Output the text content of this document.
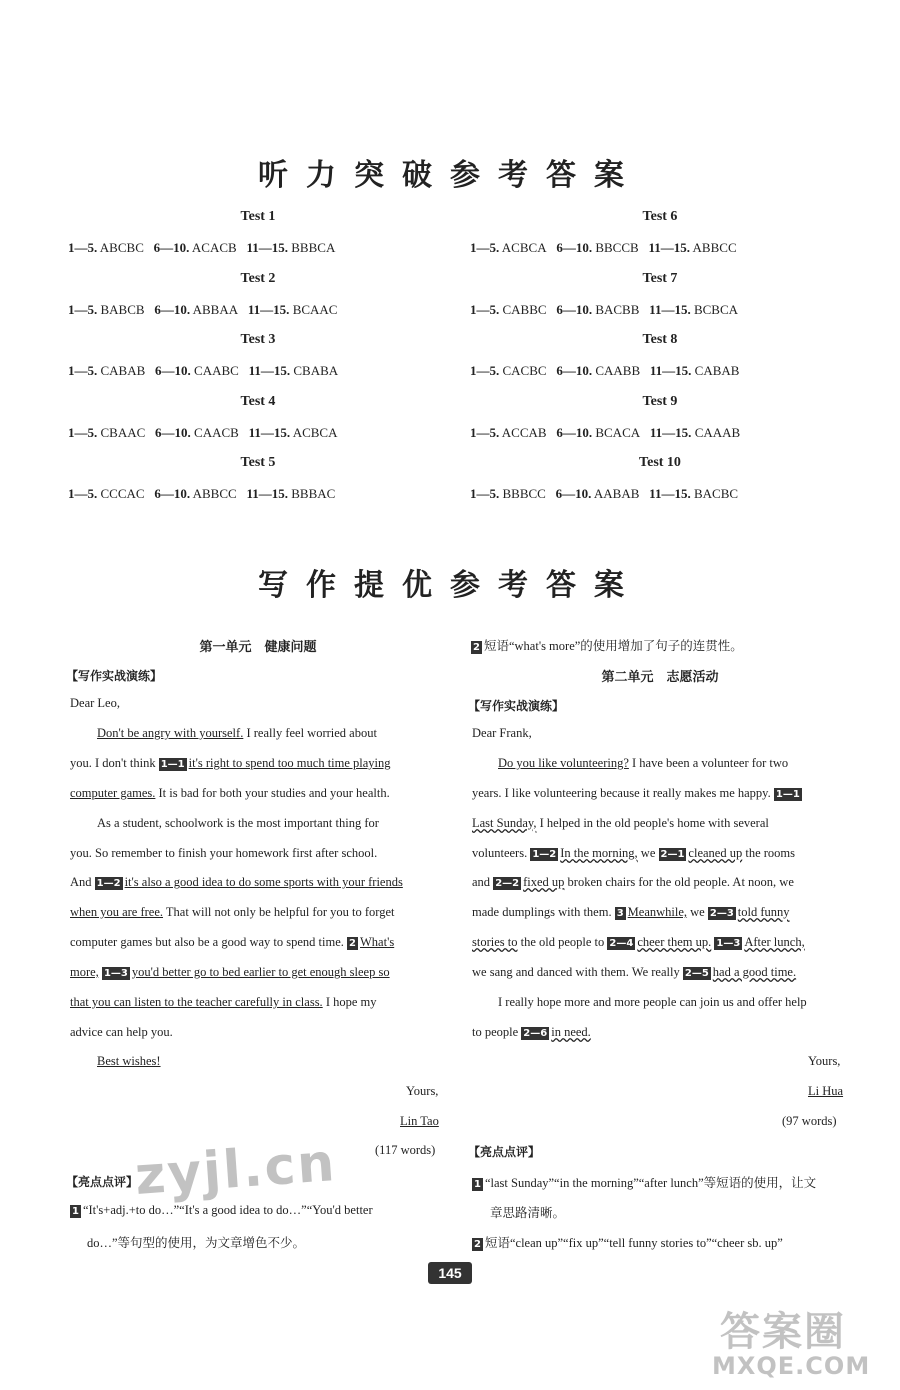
听力突破参考答案
Test 1
1—5. ABCBC 6—10. ACACB 11—15. BBBCA
Test 2
1—5. BABCB 6—10. ABBAA 11—15. BCAAC
Test 3
1—5. CABAB 6—10. CAABC 11—15. CBABA
Test 4
1—5. CBAAC 6—10. CAACB 11—15. ACBCA
Test 5
1—5. CCCAC 6—10. ABBCC 11—15. BBBAC
Test 6
1—5. ACBCA 6—10. BBCCB 11—15. ABBCC
Test 7
1—5. CABBC 6—10. BACBB 11—15. BCBCA
Test 8
1—5. CACBC 6—10. CAABB 11—15. CABAB
Test 9
1—5. ACCAB 6—10. BCACA 11—15. CAAAB
Test 10
1—5. BBBCC 6—10. AABAB 11—15. BACBC
写作提优参考答案
第一单元　健康问题
【写作实战演练】
Dear Leo,
Don't be angry with yourself. I really feel worried about
you. I don't think 1—1 it's right to spend too much time playing
computer games. It is bad for both your studies and your health.
As a student, schoolwork is the most important thing for
you. So remember to finish your homework first after school.
And 1—2 it's also a good idea to do some sports with your friends
when you are free. That will not only be helpful for you to forget
computer games but also be a good way to spend time. 2 What's
more, 1—3 you'd better go to bed earlier to get enough sleep so
that you can listen to the teacher carefully in class. I hope my
advice can help you.
Best wishes!
Yours,
Lin Tao
(117 words)
【亮点点评】
1 “It's+adj.+to do…”“It's a good idea to do…”“You'd better
do…”等句型的使用，为文章增色不少。
2 短语“what's more”的使用增加了句子的连贯性。
第二单元　志愿活动
【写作实战演练】
Dear Frank,
Do you like volunteering? I have been a volunteer for two
years. I like volunteering because it really makes me happy. 1—1
Last Sunday, I helped in the old people's home with several
volunteers. 1—2 In the morning, we 2—1 cleaned up the rooms
and 2—2 fixed up broken chairs for the old people. At noon, we
made dumplings with them. 3 Meanwhile, we 2—3 told funny
stories to the old people to 2—4 cheer them up. 1—3 After lunch,
we sang and danced with them. We really 2—5 had a good time.
I really hope more and more people can join us and offer help
to people 2—6 in need.
Yours,
Li Hua
(97 words)
【亮点点评】
1 “last Sunday”“in the morning”“after lunch”等短语的使用，让文
章思路清晰。
2 短语“clean up”“fix up”“tell funny stories to”“cheer sb. up”
145
zyjl.cn
答案圈
MXQE.COM
